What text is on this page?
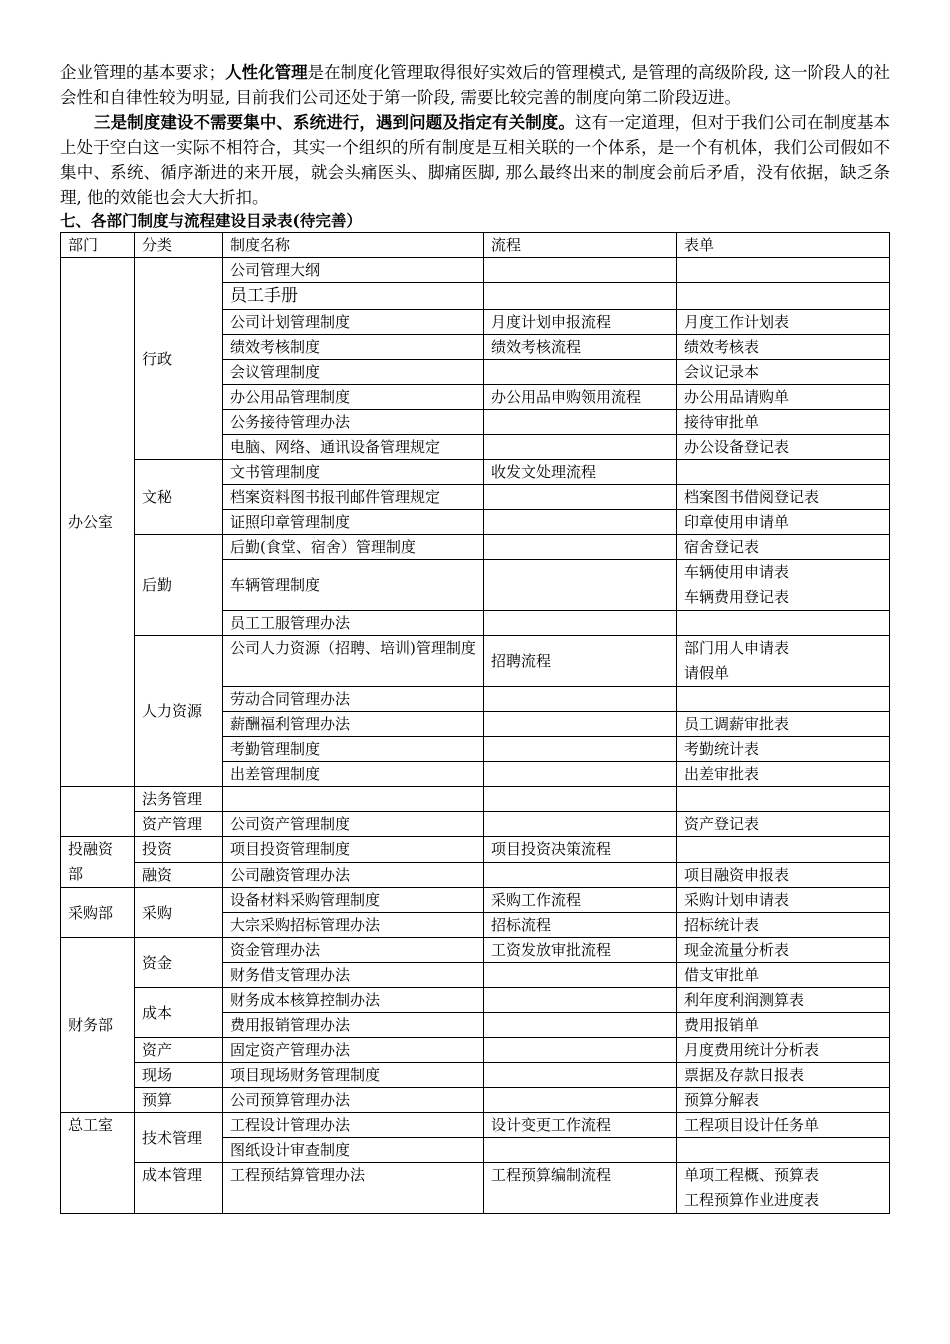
企业管理的基本要求；人性化管理是在制度化管理取得很好实效后的管理模式, 是管理的高级阶段, 这一阶段人的社会性和自律性较为明显, 目前我们公司还处于第一阶段, 需要比较完善的制度向第二阶段迈进。

三是制度建设不需要集中、系统进行，遇到问题及指定有关制度。这有一定道理，但对于我们公司在制度基本上处于空白这一实际不相符合，其实一个组织的所有制度是互相关联的一个体系，是一个有机体，我们公司假如不集中、系统、循序渐进的来开展，就会头痛医头、脚痛医脚, 那么最终出来的制度会前后矛盾，没有依据，缺乏条理, 他的效能也会大大折扣。

七、各部门制度与流程建设目录表(待完善）
部门	分类	制度名称	流程	表单
办公室	行政	公司管理大纲		
		员工手册		
		公司计划管理制度	月度计划申报流程	月度工作计划表
		绩效考核制度	绩效考核流程	绩效考核表
		会议管理制度		会议记录本
		办公用品管理制度	办公用品申购领用流程	办公用品请购单
		公务接待管理办法		接待审批单
		电脑、网络、通讯设备管理规定		办公设备登记表
	文秘	文书管理制度	收发文处理流程	
		档案资料图书报刊邮件管理规定		档案图书借阅登记表
		证照印章管理制度		印章使用申请单
	后勤	后勤(食堂、宿舍）管理制度		宿舍登记表
		车辆管理制度		车辆使用申请表
车辆费用登记表

		员工工服管理办法		
	人力资源	公司人力资源（招聘、培训)管理制度	招聘流程	部门用人申请表
请假单

		劳动合同管理办法		
		薪酬福利管理办法		员工调薪审批表
		考勤管理制度		考勤统计表
		出差管理制度		出差审批表
	法务管理			
	资产管理	公司资产管理制度		资产登记表
投融资部	投资	项目投资管理制度	项目投资决策流程	
	融资	公司融资管理办法		项目融资申报表
采购部	采购	设备材料采购管理制度	采购工作流程	采购计划申请表
		大宗采购招标管理办法	招标流程	招标统计表
财务部	资金	资金管理办法	工资发放审批流程	现金流量分析表
		财务借支管理办法		借支审批单
	成本	财务成本核算控制办法		利年度利润测算表
		费用报销管理办法		费用报销单
	资产	固定资产管理办法		月度费用统计分析表
	现场	项目现场财务管理制度		票据及存款日报表
	预算	公司预算管理办法		预算分解表
总工室	技术管理	工程设计管理办法	设计变更工作流程	工程项目设计任务单
		图纸设计审查制度		
	成本管理	工程预结算管理办法	工程预算编制流程	单项工程概、预算表
工程预算作业进度表
